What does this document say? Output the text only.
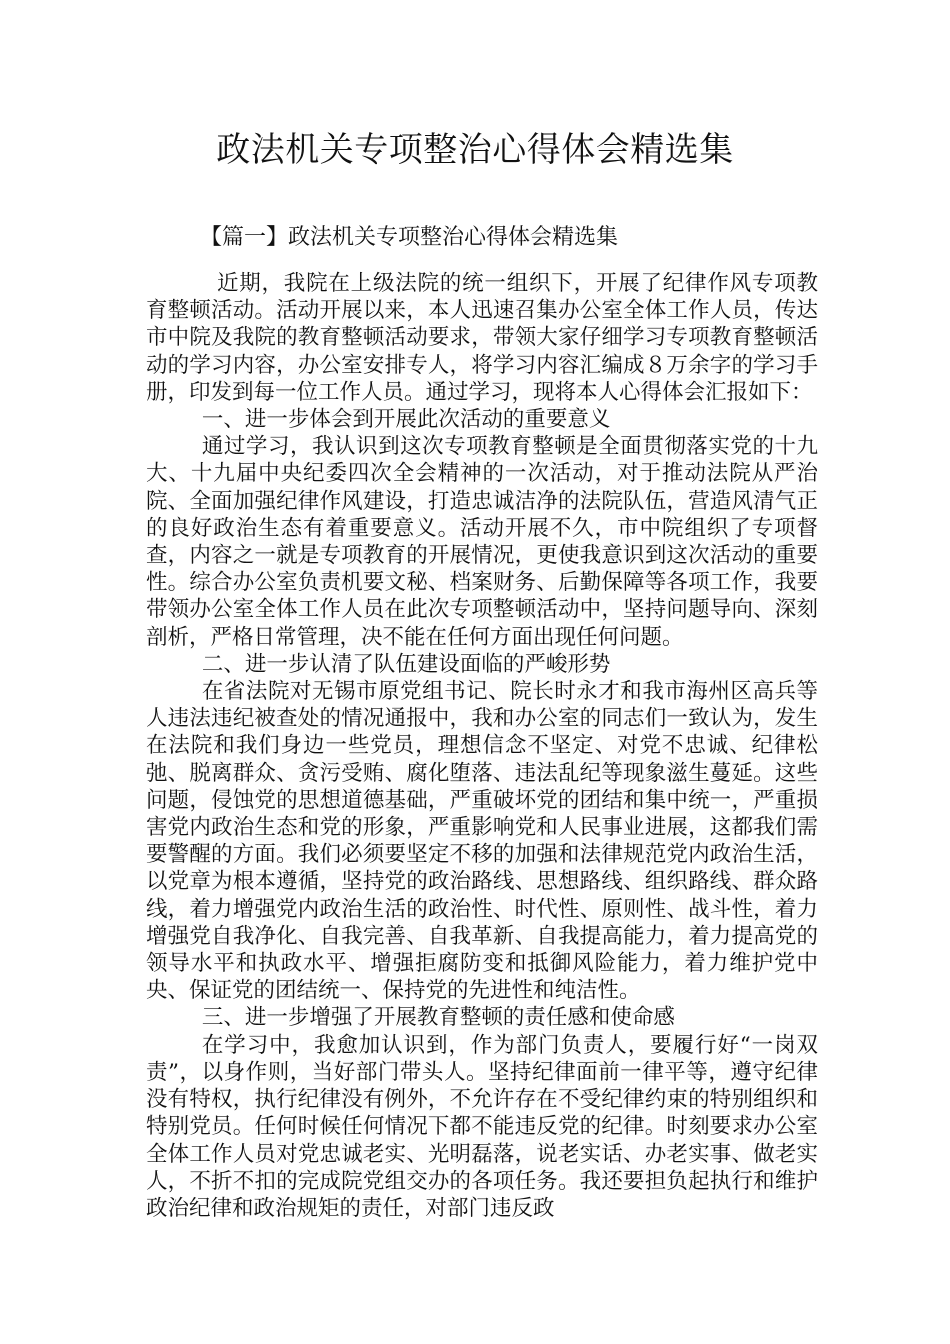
政法机关专项整治心得体会精选集

【篇一】政法机关专项整治心得体会精选集

近期，我院在上级法院的统一组织下，开展了纪律作风专项教育整顿活动。活动开展以来，本人迅速召集办公室全体工作人员，传达市中院及我院的教育整顿活动要求，带领大家仔细学习专项教育整顿活动的学习内容，办公室安排专人，将学习内容汇编成８万余字的学习手册，印发到每一位工作人员。通过学习，现将本人心得体会汇报如下：

一、进一步体会到开展此次活动的重要意义

通过学习，我认识到这次专项教育整顿是全面贯彻落实党的十九大、十九届中央纪委四次全会精神的一次活动，对于推动法院从严治院、全面加强纪律作风建设，打造忠诚洁净的法院队伍，营造风清气正的良好政治生态有着重要意义。活动开展不久，市中院组织了专项督查，内容之一就是专项教育的开展情况，更使我意识到这次活动的重要性。综合办公室负责机要文秘、档案财务、后勤保障等各项工作，我要带领办公室全体工作人员在此次专项整顿活动中，坚持问题导向、深刻剖析，严格日常管理，决不能在任何方面出现任何问题。

二、进一步认清了队伍建设面临的严峻形势

在省法院对无锡市原党组书记、院长时永才和我市海州区高兵等人违法违纪被查处的情况通报中，我和办公室的同志们一致认为，发生在法院和我们身边一些党员，理想信念不坚定、对党不忠诚、纪律松弛、脱离群众、贪污受贿、腐化堕落、违法乱纪等现象滋生蔓延。这些问题，侵蚀党的思想道德基础，严重破坏党的团结和集中统一，严重损害党内政治生态和党的形象，严重影响党和人民事业进展，这都我们需要警醒的方面。我们必须要坚定不移的加强和法律规范党内政治生活，以党章为根本遵循，坚持党的政治路线、思想路线、组织路线、群众路线，着力增强党内政治生活的政治性、时代性、原则性、战斗性，着力增强党自我净化、自我完善、自我革新、自我提高能力，着力提高党的领导水平和执政水平、增强拒腐防变和抵御风险能力，着力维护党中央、保证党的团结统一、保持党的先进性和纯洁性。

三、进一步增强了开展教育整顿的责任感和使命感

在学习中，我愈加认识到，作为部门负责人，要履行好“一岗双责”，以身作则，当好部门带头人。坚持纪律面前一律平等，遵守纪律没有特权，执行纪律没有例外，不允许存在不受纪律约束的特别组织和特别党员。任何时候任何情况下都不能违反党的纪律。时刻要求办公室全体工作人员对党忠诚老实、光明磊落，说老实话、办老实事、做老实人，不折不扣的完成院党组交办的各项任务。我还要担负起执行和维护政治纪律和政治规矩的责任，对部门违反政
